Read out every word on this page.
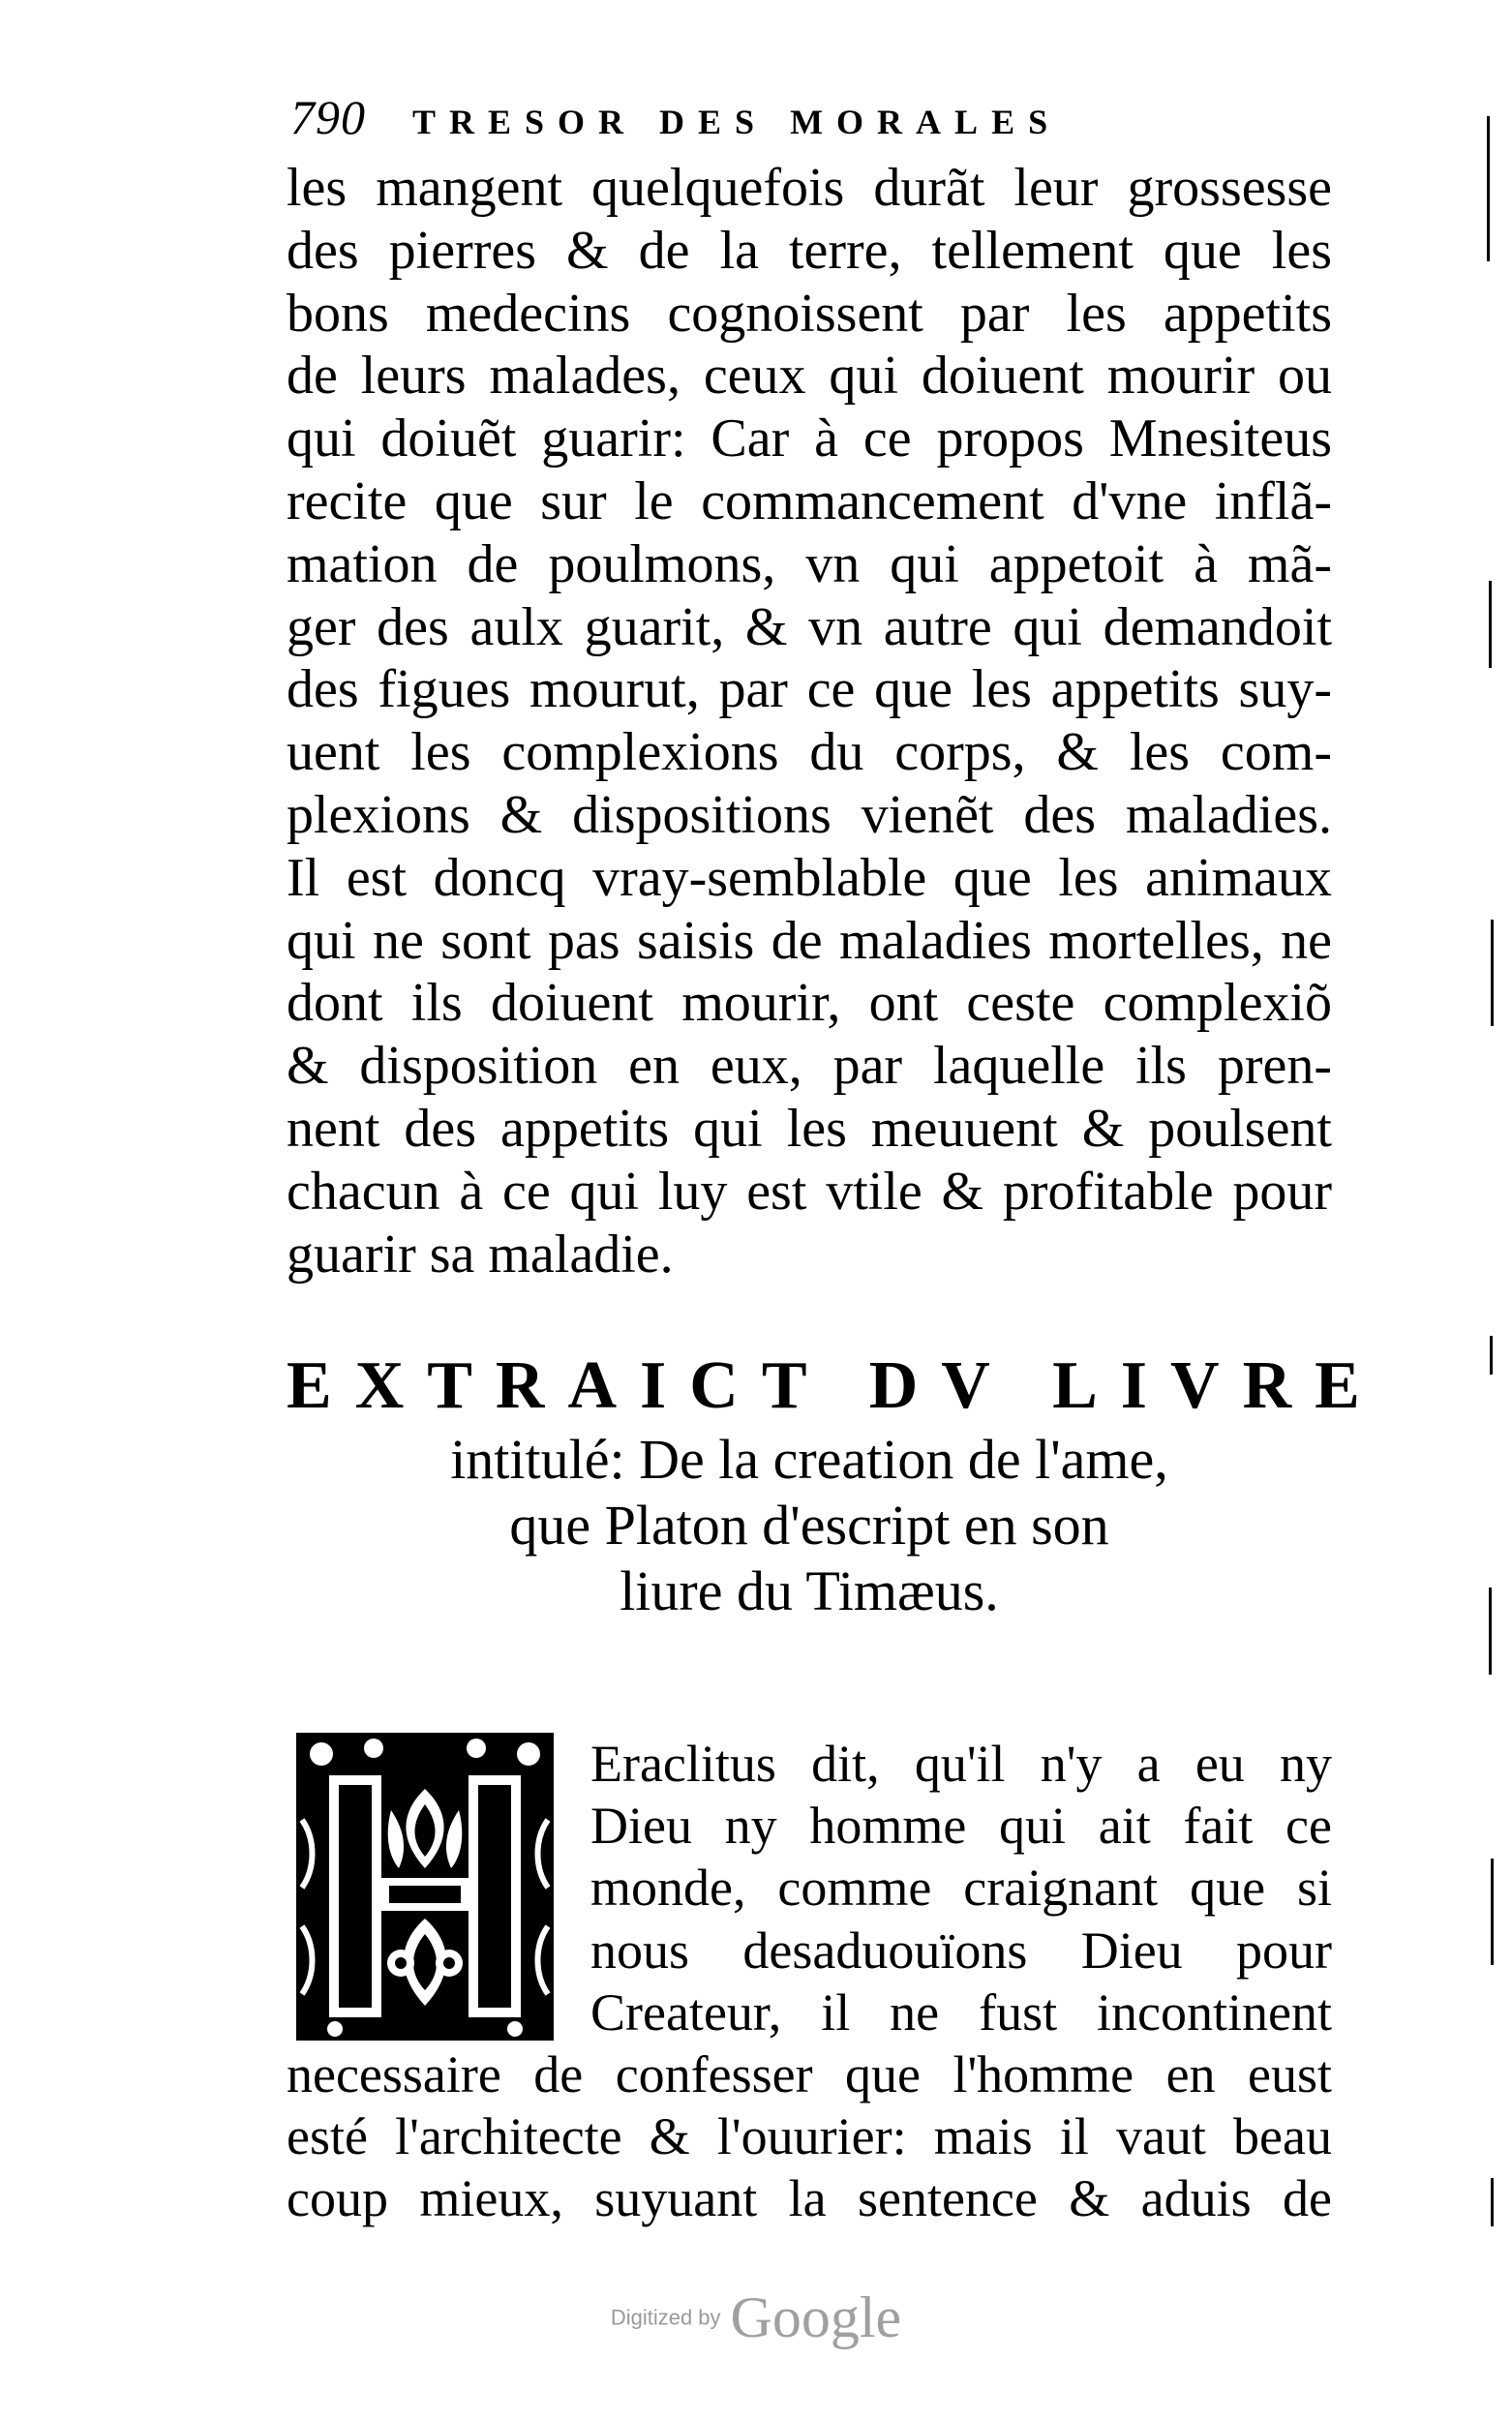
790 TRESOR DES MORALES
les mangent quelquefois durãt leur grossesse
des pierres & de la terre, tellement que les
bons medecins cognoissent par les appetits
de leurs malades, ceux qui doiuent mourir ou
qui doiuẽt guarir: Car à ce propos Mnesiteus
recite que sur le commancement d'vne inflã-
mation de poulmons, vn qui appetoit à mã-
ger des aulx guarit, & vn autre qui demandoit
des figues mourut, par ce que les appetits suy-
uent les complexions du corps, & les com-
plexions & dispositions vienẽt des maladies.
Il est doncq vray-semblable que les animaux
qui ne sont pas saisis de maladies mortelles, ne
dont ils doiuent mourir, ont ceste complexiõ
& disposition en eux, par laquelle ils pren-
nent des appetits qui les meuuent & poulsent
chacun à ce qui luy est vtile & profitable pour
guarir sa maladie.
EXTRAICT DV LIVRE
intitulé: De la creation de l'ame,
que Platon d'escript en son
liure du Timæus.
Eraclitus dit, qu'il n'y a eu ny
Dieu ny homme qui ait fait ce
monde, comme craignant que si
nous desaduouïons Dieu pour
Createur, il ne fust incontinent
necessaire de confesser que l'homme en eust
esté l'architecte & l'ouurier: mais il vaut beau
coup mieux, suyuant la sentence & aduis de
Digitized by Google
